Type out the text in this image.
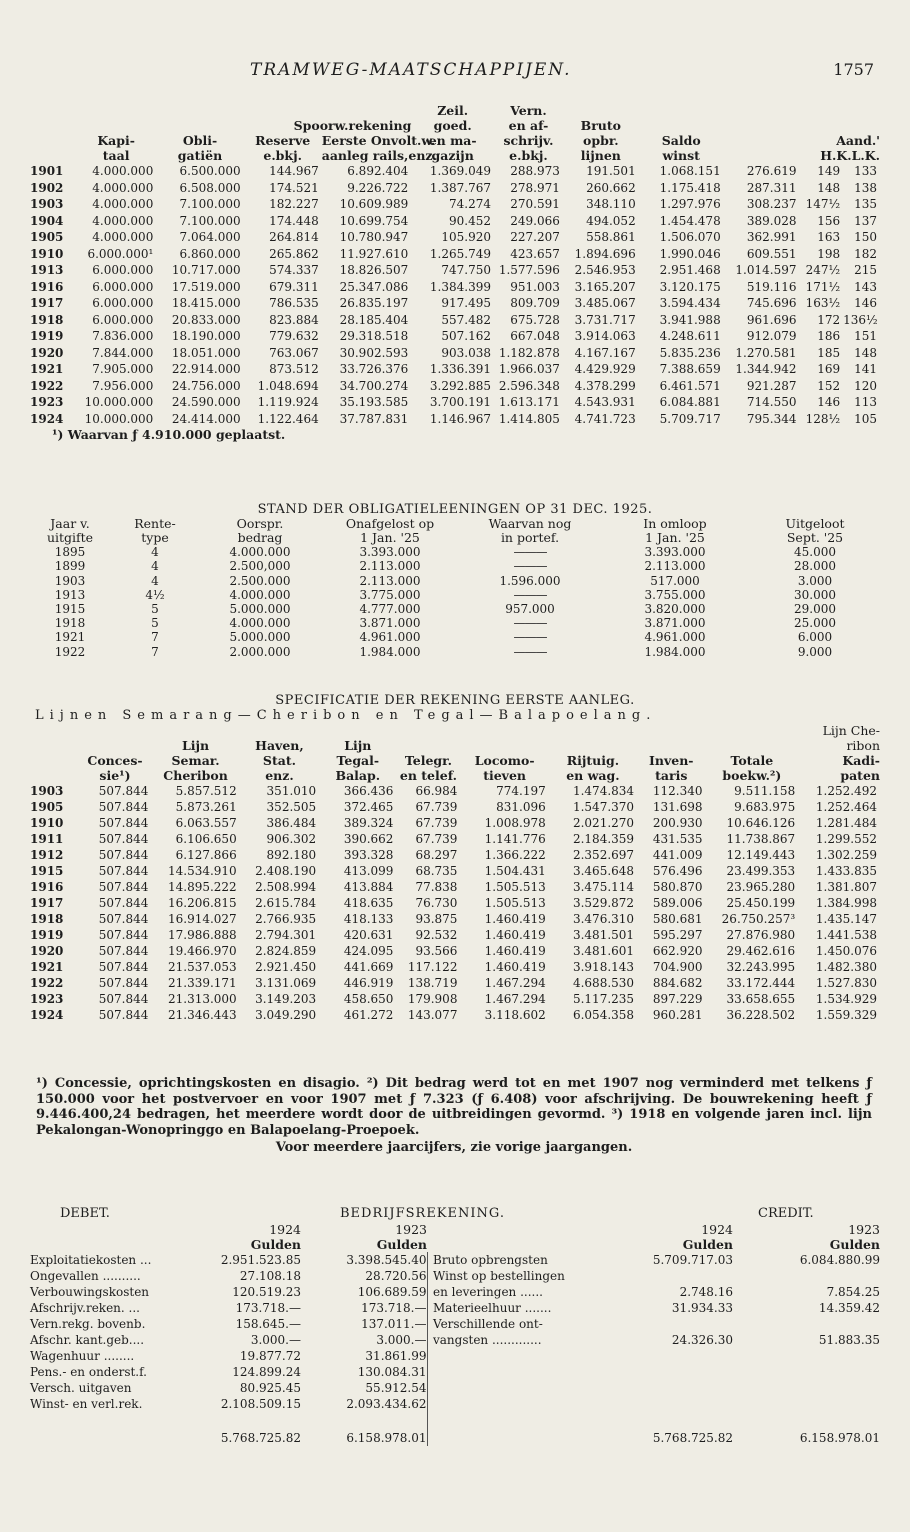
TRAMWEG-MAATSCHAPPIJEN.	1757
					Zeil.	Vern.					
			Spoorw.rekening		goed.	en af-	Bruto				
	Kapi-	Obli-	Reserve	Eerste Onvolt.w.	en ma-	schrijv.	opbr.	Saldo	Aand.'		
	taal	gatiën	e.bkj.	aanleg rails,enz.	gazijn	e.bkj.	lijnen	winst	H.K.L.K.		
1901	4.000.000	6.500.000	144.967	6.892.404	1.369.049	288.973	191.501	1.068.151	276.619	149	133
1902	4.000.000	6.508.000	174.521	9.226.722	1.387.767	278.971	260.662	1.175.418	287.311	148	138
1903	4.000.000	7.100.000	182.227	10.609.989	74.274	270.591	348.110	1.297.976	308.237	147½	135
1904	4.000.000	7.100.000	174.448	10.699.754	90.452	249.066	494.052	1.454.478	389.028	156	137
1905	4.000.000	7.064.000	264.814	10.780.947	105.920	227.207	558.861	1.506.070	362.991	163	150
1910	6.000.000¹	6.860.000	265.862	11.927.610	1.265.749	423.657	1.894.696	1.990.046	609.551	198	182
1913	6.000.000	10.717.000	574.337	18.826.507	747.750	1.577.596	2.546.953	2.951.468	1.014.597	247½	215
1916	6.000.000	17.519.000	679.311	25.347.086	1.384.399	951.003	3.165.207	3.120.175	519.116	171½	143
1917	6.000.000	18.415.000	786.535	26.835.197	917.495	809.709	3.485.067	3.594.434	745.696	163½	146
1918	6.000.000	20.833.000	823.884	28.185.404	557.482	675.728	3.731.717	3.941.988	961.696	172	136½
1919	7.836.000	18.190.000	779.632	29.318.518	507.162	667.048	3.914.063	4.248.611	912.079	186	151
1920	7.844.000	18.051.000	763.067	30.902.593	903.038	1.182.878	4.167.167	5.835.236	1.270.581	185	148
1921	7.905.000	22.914.000	873.512	33.726.376	1.336.391	1.966.037	4.429.929	7.388.659	1.344.942	169	141
1922	7.956.000	24.756.000	1.048.694	34.700.274	3.292.885	2.596.348	4.378.299	6.461.571	921.287	152	120
1923	10.000.000	24.590.000	1.119.924	35.193.585	3.700.191	1.613.171	4.543.931	6.084.881	714.550	146	113
1924	10.000.000	24.414.000	1.122.464	37.787.831	1.146.967	1.414.805	4.741.723	5.709.717	795.344	128½	105
¹) Waarvan ƒ 4.910.000 geplaatst.
STAND DER OBLIGATIELEENINGEN OP 31 DEC. 1925.
Jaar v.	Rente-	Oorspr.	Onafgelost op	Waarvan nog	In omloop	Uitgeloot
uitgifte	type	bedrag	1 Jan. '25	in portef.	1 Jan. '25	Sept. '25
1895	4	4.000.000	3.393.000	———	3.393.000	45.000
1899	4	2.500,000	2.113.000	———	2.113.000	28.000
1903	4	2.500.000	2.113.000	1.596.000	517.000	3.000
1913	4½	4.000.000	3.775.000	———	3.755.000	30.000
1915	5	5.000.000	4.777.000	957.000	3.820.000	29.000
1918	5	4.000.000	3.871.000	———	3.871.000	25.000
1921	7	5.000.000	4.961.000	———	4.961.000	6.000
1922	7	2.000.000	1.984.000	———	1.984.000	9.000
SPECIFICATIE DER REKENING EERSTE AANLEG.
Lijnen Semarang—Cheribon en Tegal—Balapoelang.
										Lijn Che-
		Lijn	Haven,	Lijn						ribon
	Conces-	Semar.	Stat.	Tegal-	Telegr.	Locomo-	Rijtuig.	Inven-	Totale	Kadi-
	sie¹)	Cheribon	enz.	Balap.	en telef.	tieven	en wag.	taris	boekw.²)	paten
1903	507.844	5.857.512	351.010	366.436	66.984	774.197	1.474.834	112.340	9.511.158	1.252.492
1905	507.844	5.873.261	352.505	372.465	67.739	831.096	1.547.370	131.698	9.683.975	1.252.464
1910	507.844	6.063.557	386.484	389.324	67.739	1.008.978	2.021.270	200.930	10.646.126	1.281.484
1911	507.844	6.106.650	906.302	390.662	67.739	1.141.776	2.184.359	431.535	11.738.867	1.299.552
1912	507.844	6.127.866	892.180	393.328	68.297	1.366.222	2.352.697	441.009	12.149.443	1.302.259
1915	507.844	14.534.910	2.408.190	413.099	68.735	1.504.431	3.465.648	576.496	23.499.353	1.433.835
1916	507.844	14.895.222	2.508.994	413.884	77.838	1.505.513	3.475.114	580.870	23.965.280	1.381.807
1917	507.844	16.206.815	2.615.784	418.635	76.730	1.505.513	3.529.872	589.006	25.450.199	1.384.998
1918	507.844	16.914.027	2.766.935	418.133	93.875	1.460.419	3.476.310	580.681	26.750.257³	1.435.147
1919	507.844	17.986.888	2.794.301	420.631	92.532	1.460.419	3.481.501	595.297	27.876.980	1.441.538
1920	507.844	19.466.970	2.824.859	424.095	93.566	1.460.419	3.481.601	662.920	29.462.616	1.450.076
1921	507.844	21.537.053	2.921.450	441.669	117.122	1.460.419	3.918.143	704.900	32.243.995	1.482.380
1922	507.844	21.339.171	3.131.069	446.919	138.719	1.467.294	4.688.530	884.682	33.172.444	1.527.830
1923	507.844	21.313.000	3.149.203	458.650	179.908	1.467.294	5.117.235	897.229	33.658.655	1.534.929
1924	507.844	21.346.443	3.049.290	461.272	143.077	3.118.602	6.054.358	960.281	36.228.502	1.559.329

¹) Concessie, oprichtingskosten en disagio. ²) Dit bedrag werd tot en met 1907 nog verminderd met telkens ƒ 150.000 voor het postvervoer en voor 1907 met ƒ 7.323 (ƒ 6.408) voor afschrijving. De bouwrekening heeft ƒ 9.446.400,24 bedragen, het meerdere wordt door de uitbreidingen gevormd. ³) 1918 en volgende jaren incl. lijn Pekalongan-Wonopringgo en Balapoelang-Proepoek.

Voor meerdere jaarcijfers, zie vorige jaargangen.

DEBET.	BEDRIJFSREKENING.	CREDIT.
	1924	1923			1924	1923
	Gulden	Gulden			Gulden	Gulden
Exploitatiekosten ...	2.951.523.85	3.398.545.40		Bruto opbrengsten	5.709.717.03	6.084.880.99
Ongevallen ..........	27.108.18	28.720.56		Winst op bestellingen		
Verbouwingskosten	120.519.23	106.689.59		en leveringen ......	2.748.16	7.854.25
Afschrijv.reken. ...	173.718.—	173.718.—		Materieelhuur .......	31.934.33	14.359.42
Vern.rekg. bovenb.	158.645.—	137.011.—		Verschillende ont-		
Afschr. kant.geb....	3.000.—	3.000.—		vangsten .............	24.326.30	51.883.35
Wagenhuur ........	19.877.72	31.861.99				
Pens.- en onderst.f.	124.899.24	130.084.31				
Versch. uitgaven	80.925.45	55.912.54				
Winst- en verl.rek.	2.108.509.15	2.093.434.62				
	5.768.725.82	6.158.978.01			5.768.725.82	6.158.978.01
